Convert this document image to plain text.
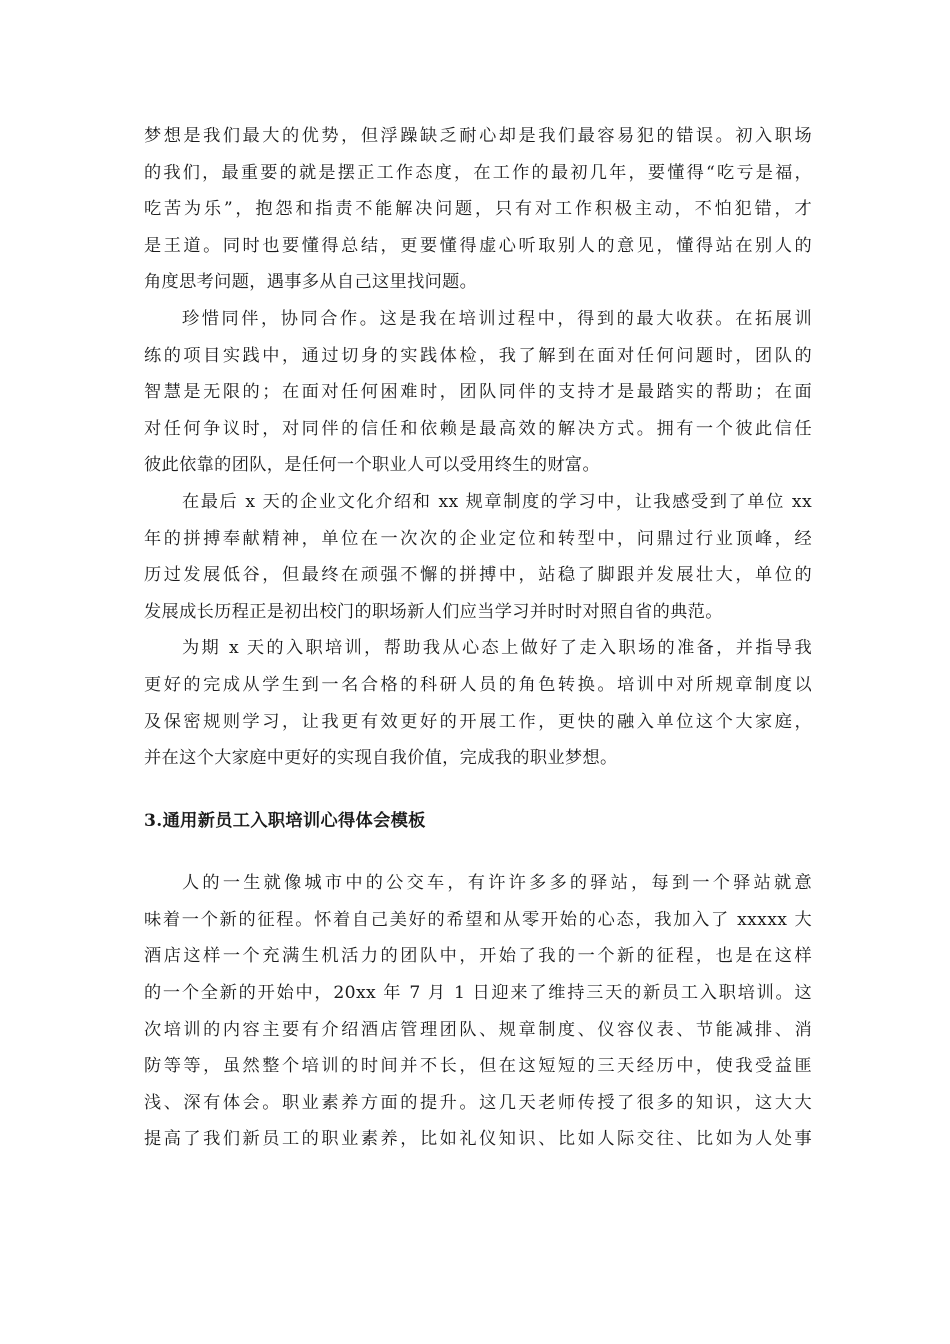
梦想是我们最大的优势，但浮躁缺乏耐心却是我们最容易犯的错误。初入职场
的我们，最重要的就是摆正工作态度，在工作的最初几年，要懂得“吃亏是福，
吃苦为乐”，抱怨和指责不能解决问题，只有对工作积极主动，不怕犯错，才
是王道。同时也要懂得总结，更要懂得虚心听取别人的意见，懂得站在别人的
角度思考问题，遇事多从自己这里找问题。

珍惜同伴，协同合作。这是我在培训过程中，得到的最大收获。在拓展训
练的项目实践中，通过切身的实践体检，我了解到在面对任何问题时，团队的
智慧是无限的；在面对任何困难时，团队同伴的支持才是最踏实的帮助；在面
对任何争议时，对同伴的信任和依赖是最高效的解决方式。拥有一个彼此信任
彼此依靠的团队，是任何一个职业人可以受用终生的财富。

在最后 x 天的企业文化介绍和 xx 规章制度的学习中，让我感受到了单位 xx
年的拼搏奉献精神，单位在一次次的企业定位和转型中，问鼎过行业顶峰，经
历过发展低谷，但最终在顽强不懈的拼搏中，站稳了脚跟并发展壮大，单位的
发展成长历程正是初出校门的职场新人们应当学习并时时对照自省的典范。

为期 x 天的入职培训，帮助我从心态上做好了走入职场的准备，并指导我
更好的完成从学生到一名合格的科研人员的角色转换。培训中对所规章制度以
及保密规则学习，让我更有效更好的开展工作，更快的融入单位这个大家庭，
并在这个大家庭中更好的实现自我价值，完成我的职业梦想。

3.通用新员工入职培训心得体会模板

人的一生就像城市中的公交车，有许许多多的驿站，每到一个驿站就意
味着一个新的征程。怀着自己美好的希望和从零开始的心态，我加入了 xxxxx 大
酒店这样一个充满生机活力的团队中，开始了我的一个新的征程，也是在这样
的一个全新的开始中，20xx 年 7 月 1 日迎来了维持三天的新员工入职培训。这
次培训的内容主要有介绍酒店管理团队、规章制度、仪容仪表、节能减排、消
防等等，虽然整个培训的时间并不长，但在这短短的三天经历中，使我受益匪
浅、深有体会。职业素养方面的提升。这几天老师传授了很多的知识，这大大
提高了我们新员工的职业素养，比如礼仪知识、比如人际交往、比如为人处事
